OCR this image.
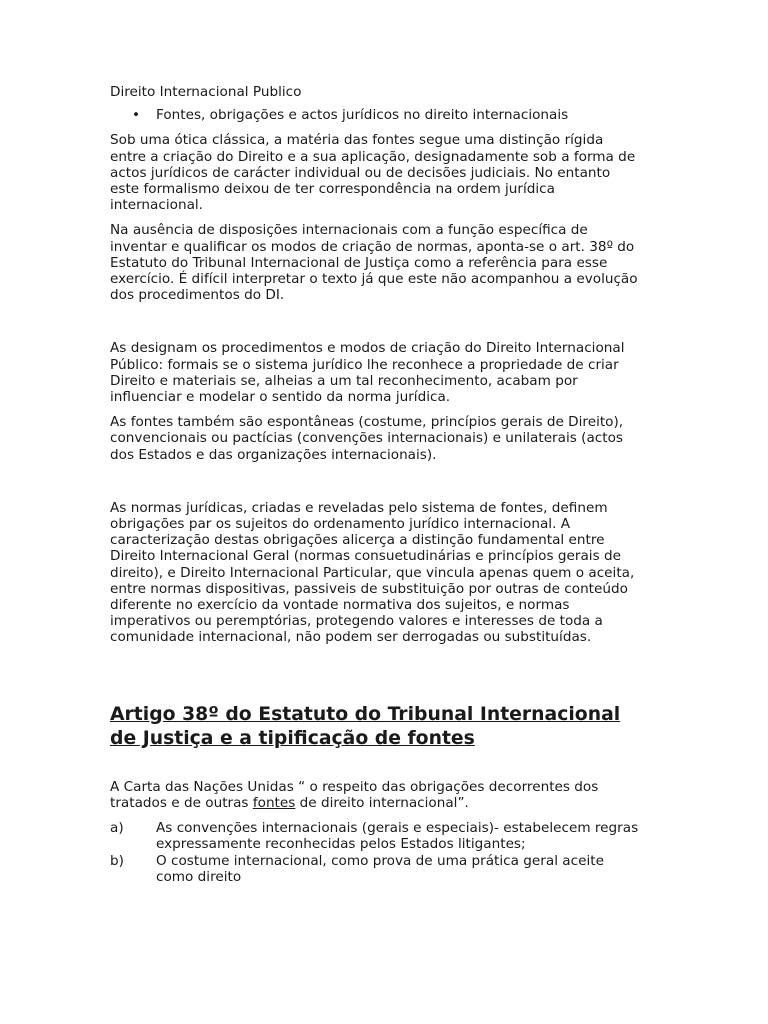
Direito Internacional Publico

•	Fontes, obrigações e actos jurídicos no direito internacionais

Sob uma ótica clássica, a matéria das fontes segue uma distinção rígida entre a criação do Direito e a sua aplicação, designadamente sob a forma de actos jurídicos de carácter individual ou de decisões judiciais. No entanto este formalismo deixou de ter correspondência na ordem jurídica internacional.

Na ausência de disposições internacionais com a função específica de inventar e qualificar os modos de criação de normas, aponta-se o art. 38º do Estatuto do Tribunal Internacional de Justiça como a referência para esse exercício. É difícil interpretar o texto já que este não acompanhou a evolução dos procedimentos do DI.

As designam os procedimentos e modos de criação do Direito Internacional Público: formais se o sistema jurídico lhe reconhece a propriedade de criar Direito e materiais se, alheias a um tal reconhecimento, acabam por influenciar e modelar o sentido da norma jurídica.

As fontes também são espontâneas (costume, princípios gerais de Direito), convencionais ou pactícias (convenções internacionais) e unilaterais (actos dos Estados e das organizações internacionais).

As normas jurídicas, criadas e reveladas pelo sistema de fontes, definem obrigações par os sujeitos do ordenamento jurídico internacional. A caracterização destas obrigações alicerça a distinção fundamental entre Direito Internacional Geral (normas consuetudinárias e princípios gerais de direito), e Direito Internacional Particular, que vincula apenas quem o aceita, entre normas dispositivas, passiveis de substituição por outras de conteúdo diferente no exercício da vontade normativa dos sujeitos, e normas imperativos ou peremptórias, protegendo valores e interesses de toda a comunidade internacional, não podem ser derrogadas ou substituídas.

Artigo 38º do Estatuto do Tribunal Internacional de Justiça e a tipificação de fontes

A Carta das Nações Unidas “ o respeito das obrigações decorrentes dos tratados e de outras fontes de direito internacional”.

a)	As convenções internacionais (gerais e especiais)- estabelecem regras expressamente reconhecidas pelos Estados litigantes;
b)	O costume internacional, como prova de uma prática geral aceite como direito
